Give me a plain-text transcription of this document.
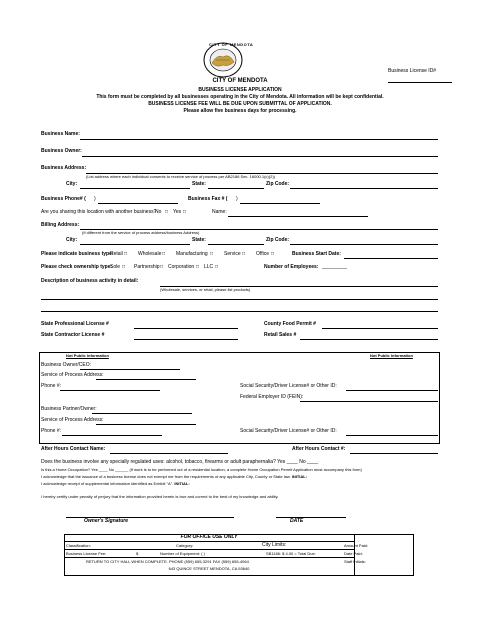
Business License ID#
CITY OF MENDOTA
CITY OF MENDOTA
BUSINESS LICENSE APPLICATION
This form must be completed by all businesses operating in the City of Mendota. All information will be kept confidential.
BUSINESS LICENSE FEE WILL BE DUE UPON SUBMITTAL OF APPLICATION.
Please allow five business days for processing.
Business Name:
Business Owner:
Business Address:
(List address where each individual consents to receive service of process per AB2186 Sec. 16000.1(c)(2))
City:	State:	Zip Code:
Business Phone# ( )	Business Fax # ( )
Are you sharing this location with another business?
No □ Yes □	Name:
Billing Address:
(If different from the service of process address/business Address)
City:	State:	Zip Code:
Please indicate business type:
Retail □ Wholesale □ Manufacturing □ Service □ Office □	Business Start Date:
Please check ownership type:
Sole □ Partnership □ Corporation □ LLC □	Number of Employees: _________
Description of business activity in detail:
(Wholesale, services, or retail, please list products)
State Professional License #	County Food Permit #
State Contractor License #	Retail Sales #
Not Public Information	Not Public Information
Business Owner/CEO:
Service of Process Address:
Phone #:	Social Security/Driver License# or Other ID:
Federal Employer ID (FEIN):
Business Partner/Owner:
Service of Process Address:
Phone #:	Social Security/Driver License# or Other ID:
After Hours Contact Name:	After Hours Contact #:
Does the business involve any specially regulated uses: alcohol, tobacco, firearms or adult paraphernalia? Yes ____ No ____
Is this a Home Occupation? Yes ____ No ______ (If work is to be performed out of a residential location, a complete Home Occupation Permit Application must accompany this form)
I acknowledge that the issuance of a business license does not exempt me from the requirements of any applicable City, County or State law. INITIAL:
I acknowledge receipt of supplemental information identified as Exhibit "A". INITIAL:
I hereby certify under penalty of perjury that the information provided herein is true and correct to the best of my knowledge and ability.
Owner's Signature	DATE
FOR OFFICE USE ONLY
Classification:	Category:	City Limits:	Amount Paid:
Business License Fee:	$	Number of Equipment: ( )	SB1186: $ 4.00 = Total Due:	Date Paid:
RETURN TO CITY HALL WHEN COMPLETE. PHONE (559) 655-3291 FAX (559) 655-4064	Staff Initials:
643 QUINCE STREET MENDOTA, CA 93640
